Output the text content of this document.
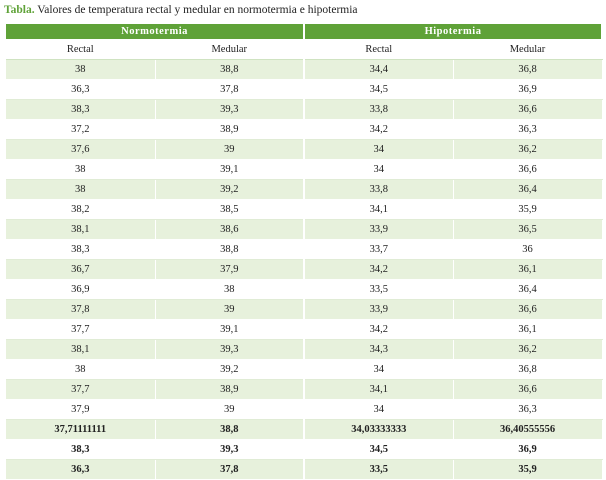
Tabla. Valores de temperatura rectal y medular en normotermia e hipotermia
Normotermia		Hipotermia	
Rectal	Medular	Rectal	Medular
38	38,8	34,4	36,8
36,3	37,8	34,5	36,9
38,3	39,3	33,8	36,6
37,2	38,9	34,2	36,3
37,6	39	34	36,2
38	39,1	34	36,6
38	39,2	33,8	36,4
38,2	38,5	34,1	35,9
38,1	38,6	33,9	36,5
38,3	38,8	33,7	36
36,7	37,9	34,2	36,1
36,9	38	33,5	36,4
37,8	39	33,9	36,6
37,7	39,1	34,2	36,1
38,1	39,3	34,3	36,2
38	39,2	34	36,8
37,7	38,9	34,1	36,6
37,9	39	34	36,3
37,71111111	38,8	34,03333333	36,40555556
38,3	39,3	34,5	36,9
36,3	37,8	33,5	35,9
